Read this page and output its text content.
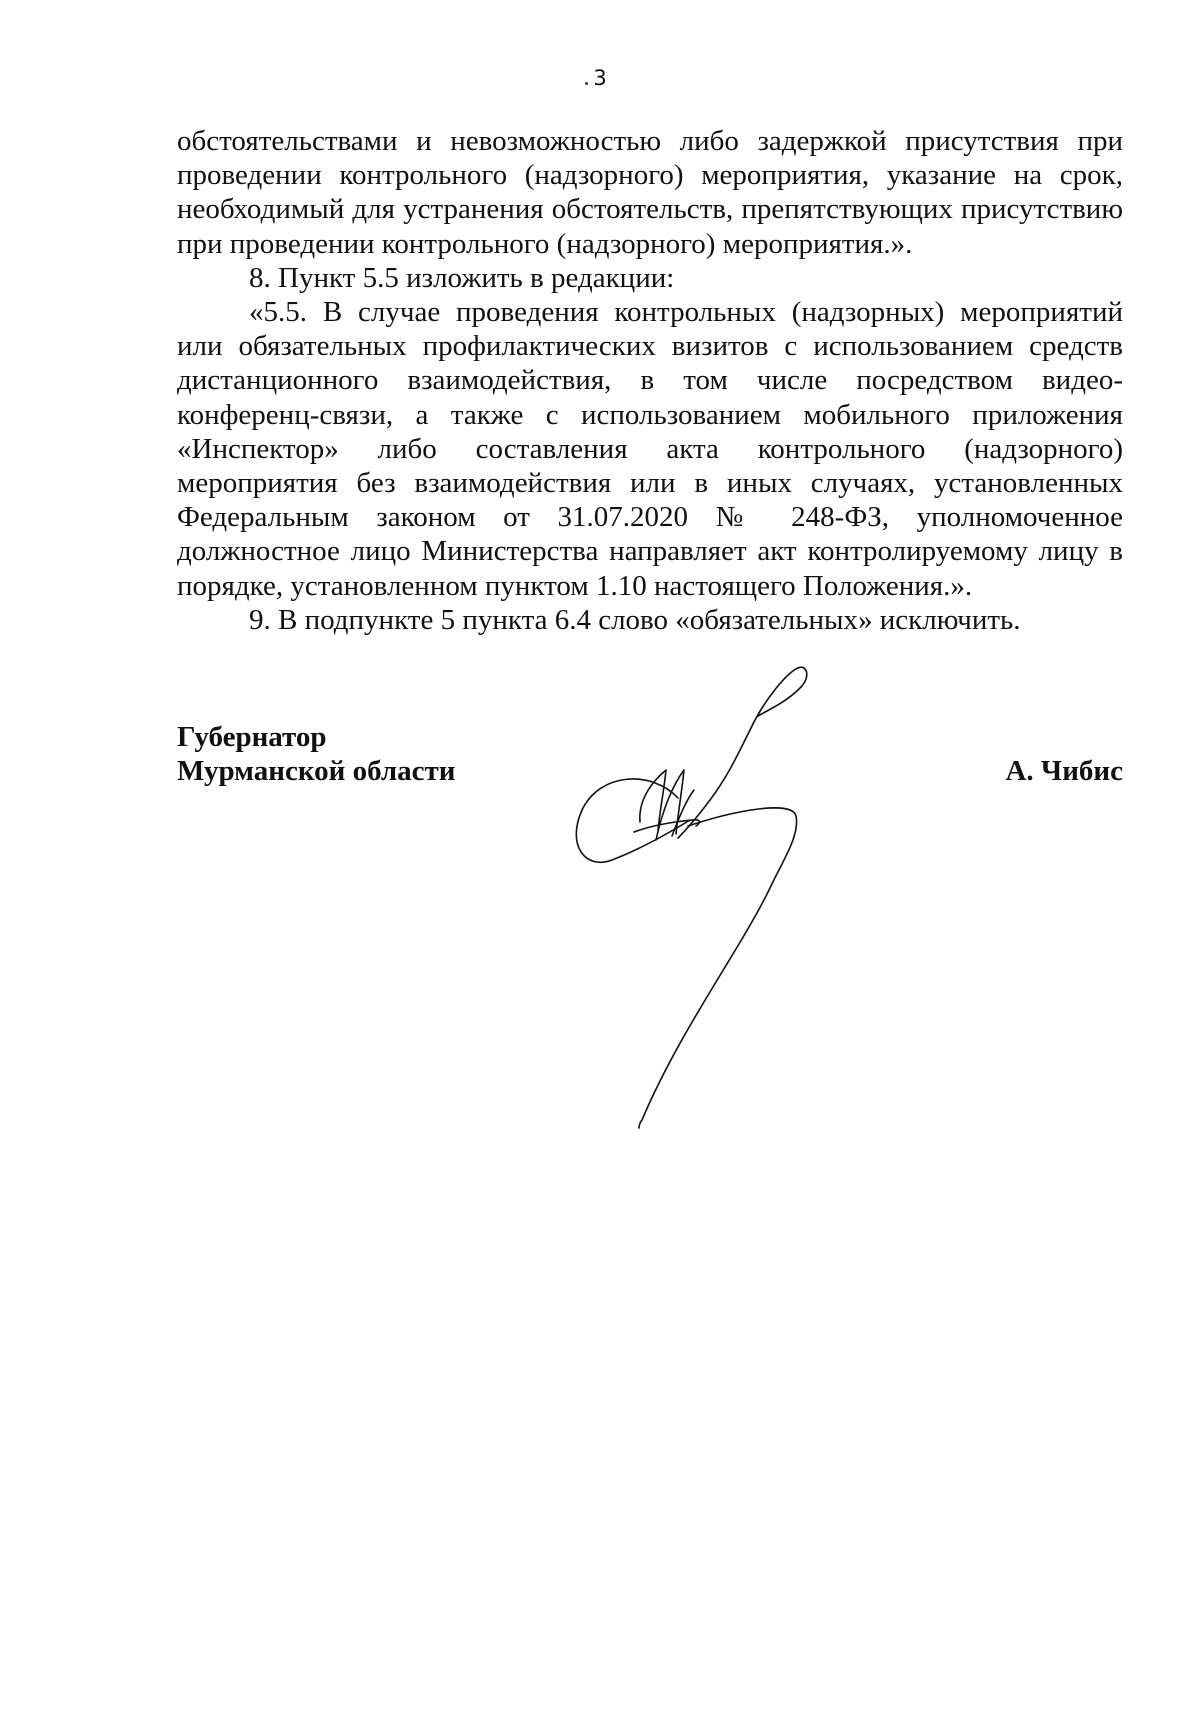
3

обстоятельствами и невозможностью либо задержкой присутствия при проведении контрольного (надзорного) мероприятия, указание на срок, необходимый для устранения обстоятельств, препятствующих присутствию при проведении контрольного (надзорного) мероприятия.».

8. Пункт 5.5 изложить в редакции:

«5.5. В случае проведения контрольных (надзорных) мероприятий или обязательных профилактических визитов с использованием средств дистанционного взаимодействия, в том числе посредством видео-конференц-связи, а также с использованием мобильного приложения «Инспектор» либо составления акта контрольного (надзорного) мероприятия без взаимодействия или в иных случаях, установленных Федеральным законом от 31.07.2020 № 248-ФЗ, уполномоченное должностное лицо Министерства направляет акт контролируемому лицу в порядке, установленном пунктом 1.10 настоящего Положения.».

9. В подпункте 5 пункта 6.4 слово «обязательных» исключить.

Губернатор
Мурманской области	А. Чибис
